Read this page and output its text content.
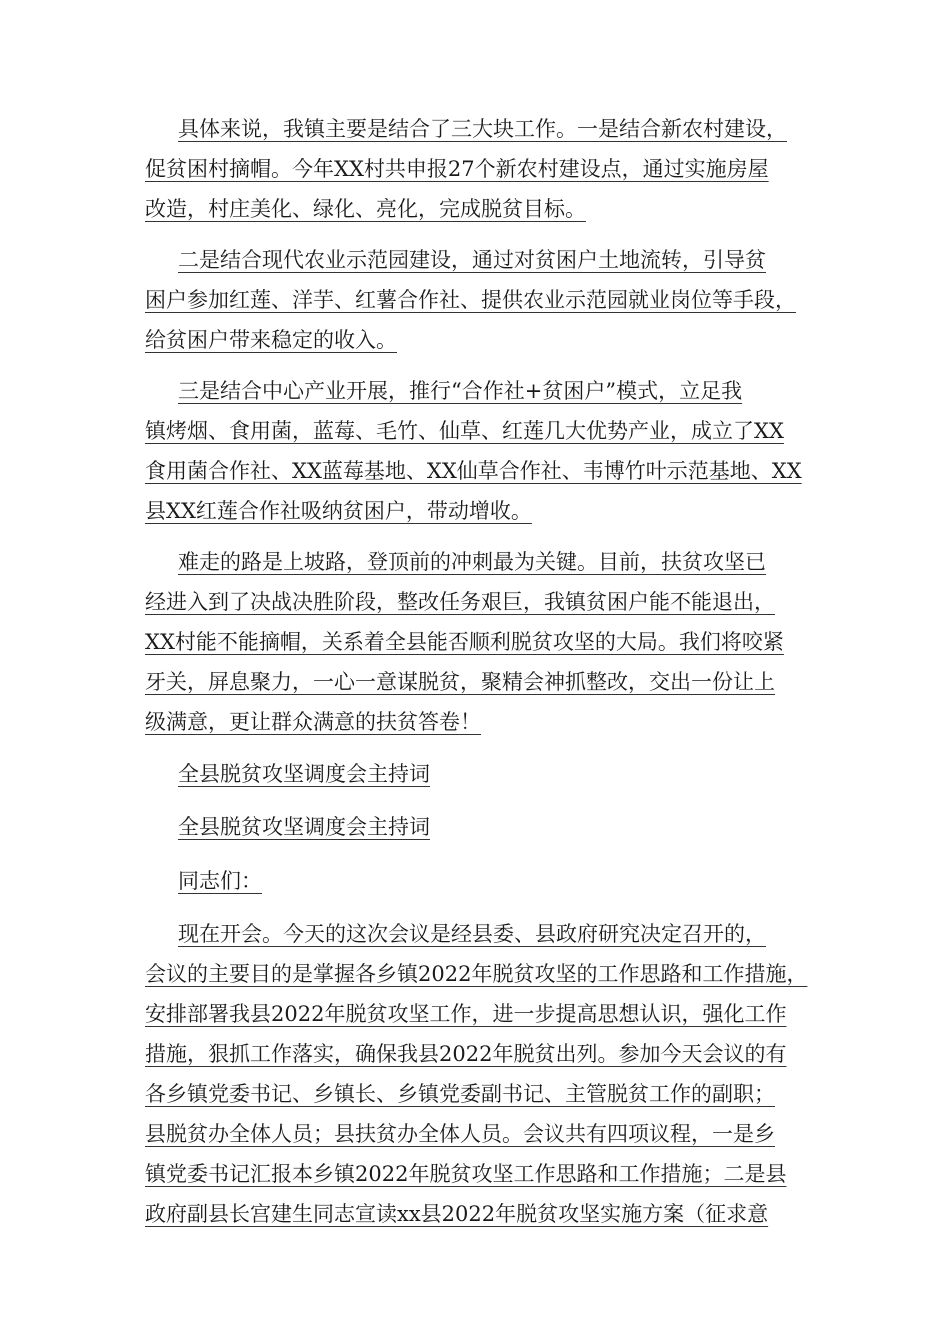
具体来说，我镇主要是结合了三大块工作。一是结合新农村建设，
促贫困村摘帽。今年XX村共申报27个新农村建设点，通过实施房屋
改造，村庄美化、绿化、亮化，完成脱贫目标。
二是结合现代农业示范园建设，通过对贫困户土地流转，引导贫
困户参加红莲、洋芋、红薯合作社、提供农业示范园就业岗位等手段，
给贫困户带来稳定的收入。
三是结合中心产业开展，推行“合作社+贫困户”模式，立足我
镇烤烟、食用菌，蓝莓、毛竹、仙草、红莲几大优势产业，成立了XX
食用菌合作社、XX蓝莓基地、XX仙草合作社、韦博竹叶示范基地、XX
县XX红莲合作社吸纳贫困户，带动增收。
难走的路是上坡路，登顶前的冲刺最为关键。目前，扶贫攻坚已
经进入到了决战决胜阶段，整改任务艰巨，我镇贫困户能不能退出，
XX村能不能摘帽，关系着全县能否顺利脱贫攻坚的大局。我们将咬紧
牙关，屏息聚力，一心一意谋脱贫，聚精会神抓整改，交出一份让上
级满意，更让群众满意的扶贫答卷！
全县脱贫攻坚调度会主持词
全县脱贫攻坚调度会主持词
同志们：
现在开会。今天的这次会议是经县委、县政府研究决定召开的，
会议的主要目的是掌握各乡镇2022年脱贫攻坚的工作思路和工作措施，
安排部署我县2022年脱贫攻坚工作，进一步提高思想认识，强化工作
措施，狠抓工作落实，确保我县2022年脱贫出列。参加今天会议的有
各乡镇党委书记、乡镇长、乡镇党委副书记、主管脱贫工作的副职；
县脱贫办全体人员；县扶贫办全体人员。会议共有四项议程，一是乡
镇党委书记汇报本乡镇2022年脱贫攻坚工作思路和工作措施；二是县
政府副县长宫建生同志宣读xx县2022年脱贫攻坚实施方案（征求意
